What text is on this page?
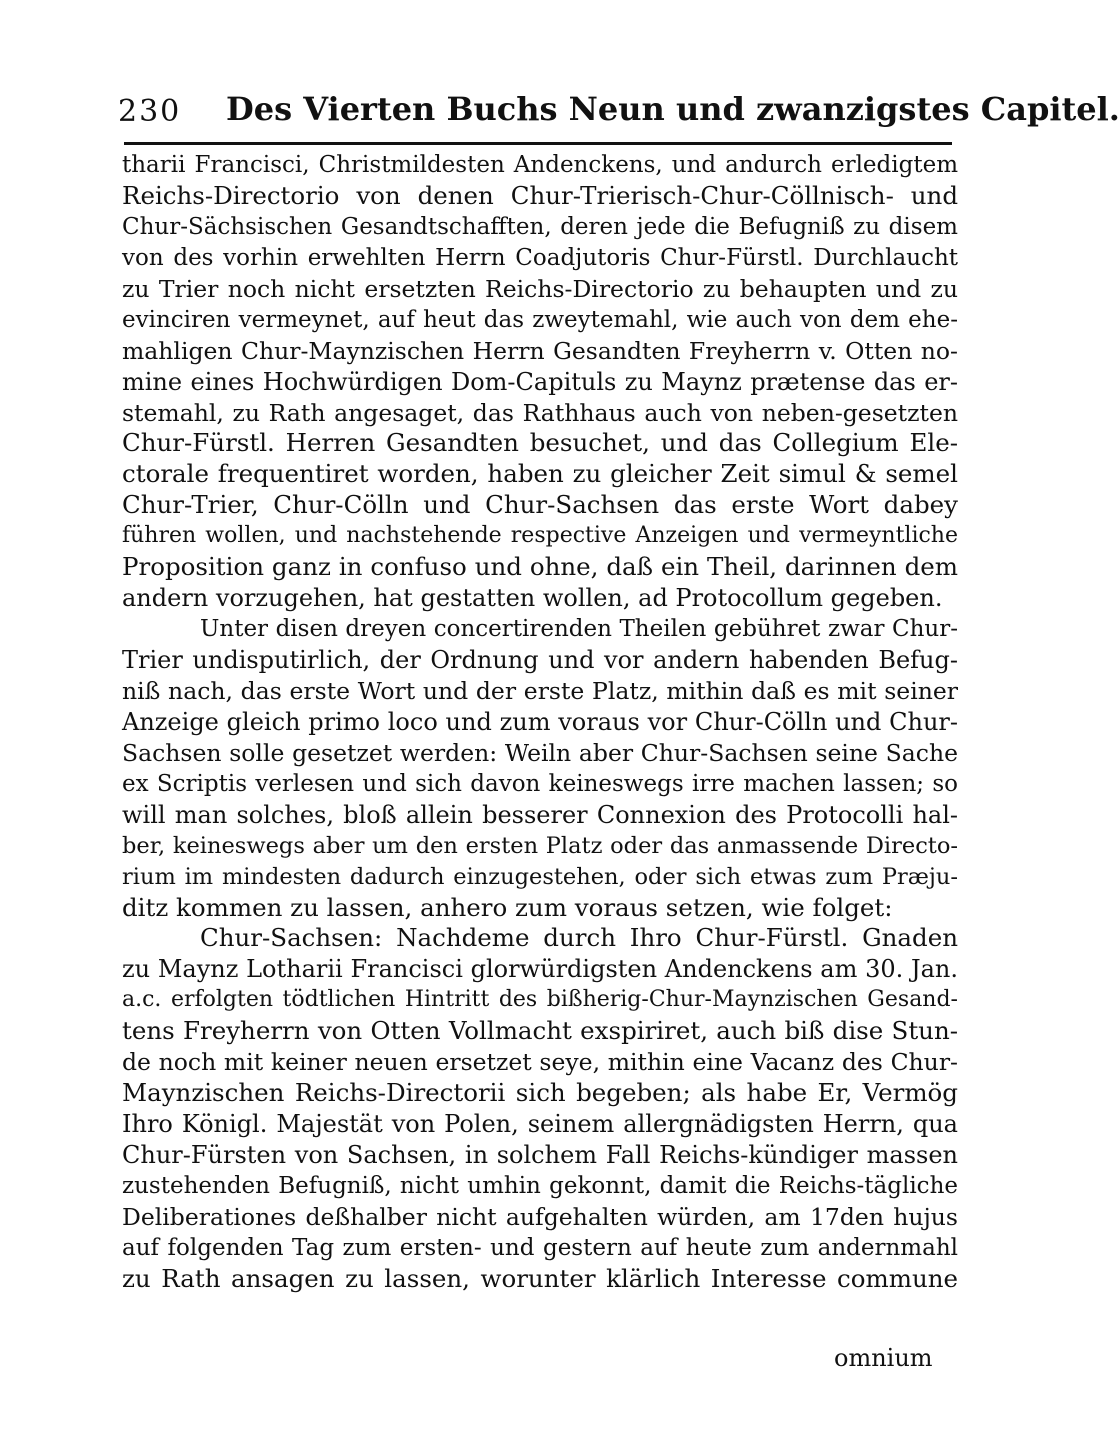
230 Des Vierten Buchs Neun und zwanzigstes Capitel.
tharii Francisci, Christmildesten Andenckens, und andurch erledigtem
Reichs-Directorio von denen Chur-Trierisch-Chur-Cöllnisch- und
Chur-Sächsischen Gesandtschafften, deren jede die Befugniß zu disem
von des vorhin erwehlten Herrn Coadjutoris Chur-Fürstl. Durchlaucht
zu Trier noch nicht ersetzten Reichs-Directorio zu behaupten und zu
evinciren vermeynet, auf heut das zweytemahl, wie auch von dem ehe-
mahligen Chur-Maynzischen Herrn Gesandten Freyherrn v. Otten no-
mine eines Hochwürdigen Dom-Capituls zu Maynz prætense das er-
stemahl, zu Rath angesaget, das Rathhaus auch von neben-gesetzten
Chur-Fürstl. Herren Gesandten besuchet, und das Collegium Ele-
ctorale frequentiret worden, haben zu gleicher Zeit simul & semel
Chur-Trier, Chur-Cölln und Chur-Sachsen das erste Wort dabey
führen wollen, und nachstehende respective Anzeigen und vermeyntliche
Proposition ganz in confuso und ohne, daß ein Theil, darinnen dem
andern vorzugehen, hat gestatten wollen, ad Protocollum gegeben.
Unter disen dreyen concertirenden Theilen gebühret zwar Chur-
Trier undisputirlich, der Ordnung und vor andern habenden Befug-
niß nach, das erste Wort und der erste Platz, mithin daß es mit seiner
Anzeige gleich primo loco und zum voraus vor Chur-Cölln und Chur-
Sachsen solle gesetzet werden: Weiln aber Chur-Sachsen seine Sache
ex Scriptis verlesen und sich davon keineswegs irre machen lassen; so
will man solches, bloß allein besserer Connexion des Protocolli hal-
ber, keineswegs aber um den ersten Platz oder das anmassende Directo-
rium im mindesten dadurch einzugestehen, oder sich etwas zum Præju-
ditz kommen zu lassen, anhero zum voraus setzen, wie folget:
Chur-Sachsen: Nachdeme durch Ihro Chur-Fürstl. Gnaden
zu Maynz Lotharii Francisci glorwürdigsten Andenckens am 30. Jan.
a.c. erfolgten tödtlichen Hintritt des bißherig-Chur-Maynzischen Gesand-
tens Freyherrn von Otten Vollmacht exspiriret, auch biß dise Stun-
de noch mit keiner neuen ersetzet seye, mithin eine Vacanz des Chur-
Maynzischen Reichs-Directorii sich begeben; als habe Er, Vermög
Ihro Königl. Majestät von Polen, seinem allergnädigsten Herrn, qua
Chur-Fürsten von Sachsen, in solchem Fall Reichs-kündiger massen
zustehenden Befugniß, nicht umhin gekonnt, damit die Reichs-tägliche
Deliberationes deßhalber nicht aufgehalten würden, am 17den hujus
auf folgenden Tag zum ersten- und gestern auf heute zum andernmahl
zu Rath ansagen zu lassen, worunter klärlich Interesse commune
omnium
